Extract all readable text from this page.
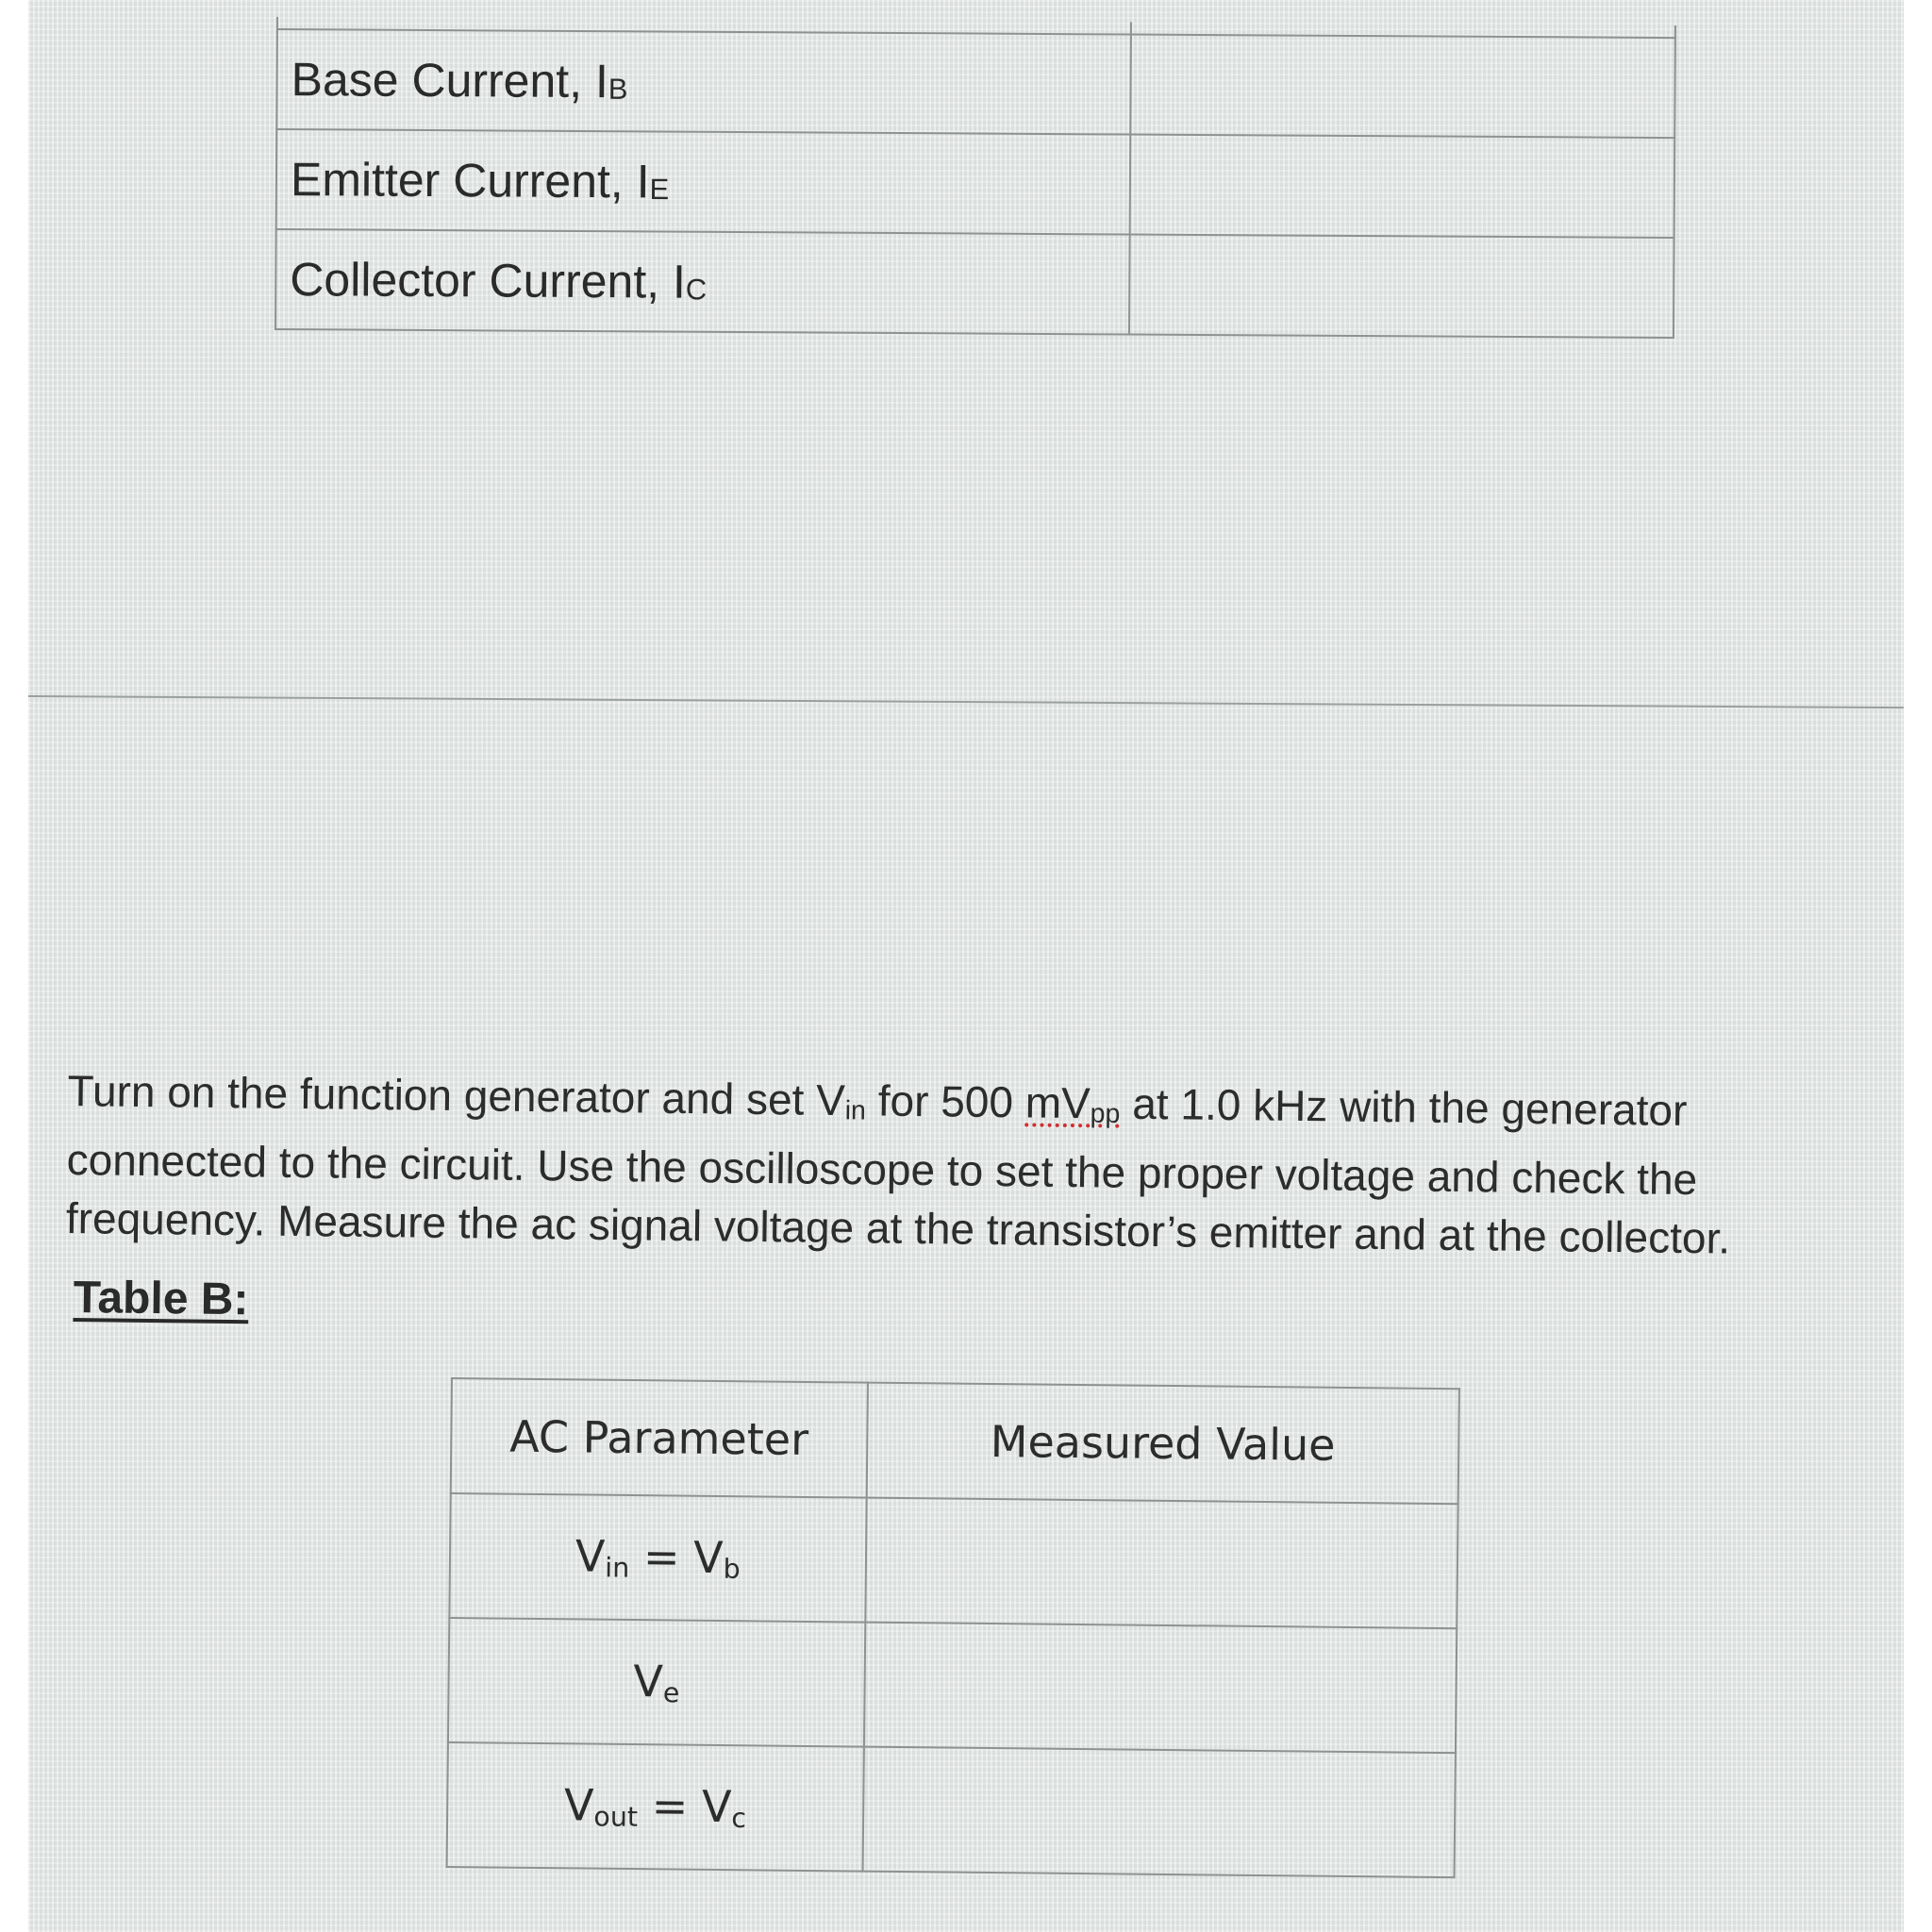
Base Current, $I_B$	
Emitter Current, $I_E$	
Collector Current, $I_C$	
Turn on the function generator and set Vin for 500 mVpp at 1.0 kHz with the generator connected to the circuit. Use the oscilloscope to set the proper voltage and check the frequency. Measure the ac signal voltage at the transistor’s emitter and at the collector.
Table B:
AC Parameter	Measured Value
Vin = Vb	
Ve	
Vout = Vc	
